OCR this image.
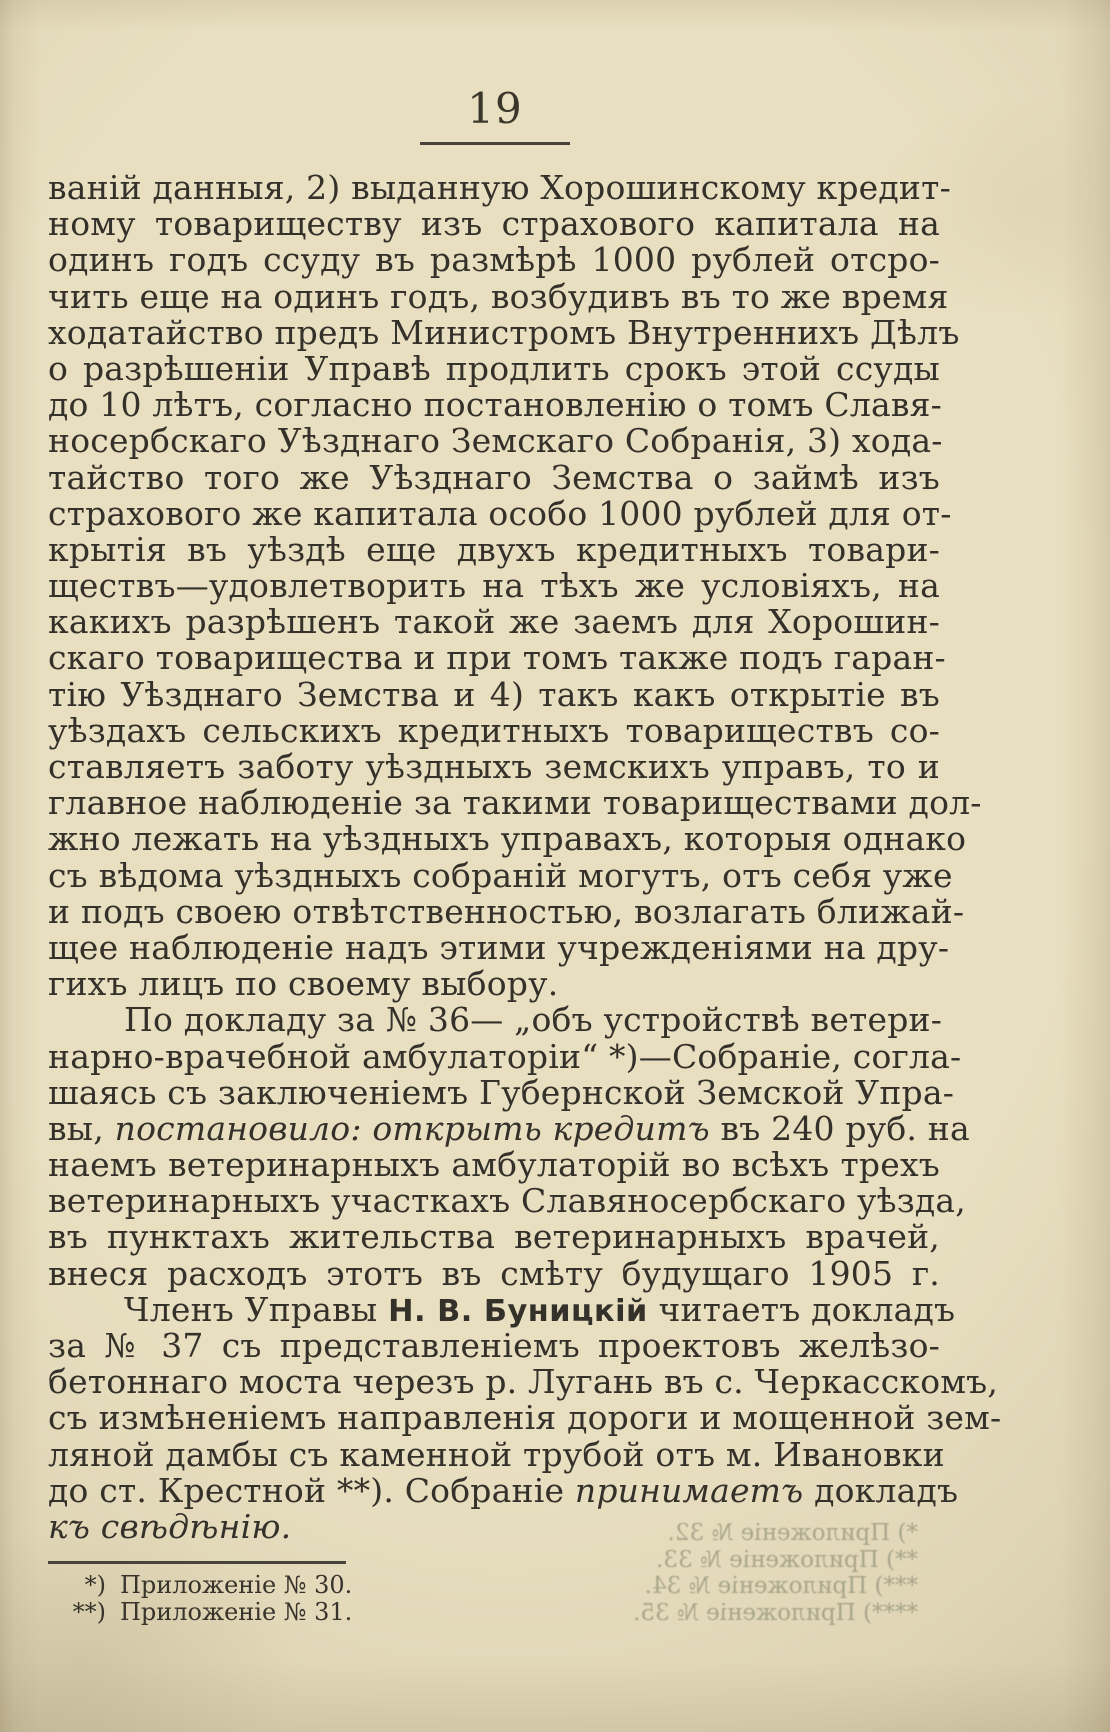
19
ваній данныя, 2) выданную Хорошинскому кредит-
ному товариществу изъ страхового капитала на
одинъ годъ ссуду въ размѣрѣ 1000 рублей отсро-
чить еще на одинъ годъ, возбудивъ въ то же время
ходатайство предъ Министромъ Внутреннихъ Дѣлъ
о разрѣшеніи Управѣ продлить срокъ этой ссуды
до 10 лѣтъ, согласно постановленію о томъ Славя-
носербскаго Уѣзднаго Земскаго Собранія, 3) хода-
тайство того же Уѣзднаго Земства о займѣ изъ
страхового же капитала особо 1000 рублей для от-
крытія въ уѣздѣ еще двухъ кредитныхъ товари-
ществъ—удовлетворить на тѣхъ же условіяхъ, на
какихъ разрѣшенъ такой же заемъ для Хорошин-
скаго товарищества и при томъ также подъ гаран-
тію Уѣзднаго Земства и 4) такъ какъ открытіе въ
уѣздахъ сельскихъ кредитныхъ товариществъ со-
ставляетъ заботу уѣздныхъ земскихъ управъ, то и
главное наблюденіе за такими товариществами дол-
жно лежать на уѣздныхъ управахъ, которыя однако
съ вѣдома уѣздныхъ собраній могутъ, отъ себя уже
и подъ своею отвѣтственностью, возлагать ближай-
щее наблюденіе надъ этими учрежденіями на дру-
гихъ лицъ по своему выбору.
По докладу за № 36— „объ устройствѣ ветери-
нарно-врачебной амбулаторіи“ *)—Собраніе, согла-
шаясь съ заключеніемъ Губернской Земской Упра-
вы, постановило: открыть кредитъ въ 240 руб. на
наемъ ветеринарныхъ амбулаторій во всѣхъ трехъ
ветеринарныхъ участкахъ Славяносербскаго уѣзда,
въ пунктахъ жительства ветеринарныхъ врачей,
внеся расходъ этотъ въ смѣту будущаго 1905 г.
Членъ Управы Н. В. Буницкій читаетъ докладъ
за № 37 съ представленіемъ проектовъ желѣзо-
бетоннаго моста черезъ р. Лугань въ с. Черкасскомъ,
съ измѣненіемъ направленія дороги и мощенной зем-
ляной дамбы съ каменной трубой отъ м. Ивановки
до ст. Крестной **). Собраніе принимаетъ докладъ
къ свѣдѣнію.
*) Приложеніе № 30.
**) Приложеніе № 31.
*) Приложеніе № 32.
**) Приложеніе № 33.
***) Приложеніе № 34.
****) Приложеніе № 35.
